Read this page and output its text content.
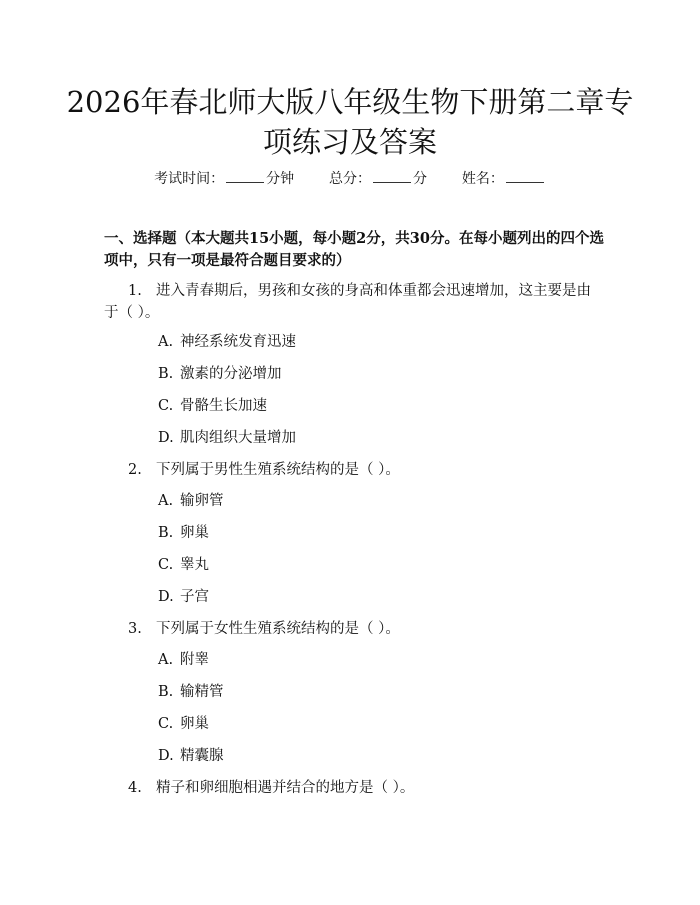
2026年春北师大版八年级生物下册第二章专项练习及答案
考试时间：	分钟 总分：	分 姓名：
一、选择题（本大题共15小题，每小题2分，共30分。在每小题列出的四个选项中，只有一项是最符合题目要求的）
1. 进入青春期后，男孩和女孩的身高和体重都会迅速增加，这主要是由于（ ）。
A. 神经系统发育迅速
B. 激素的分泌增加
C. 骨骼生长加速
D. 肌肉组织大量增加
2. 下列属于男性生殖系统结构的是（ ）。
A. 输卵管
B. 卵巢
C. 睾丸
D. 子宫
3. 下列属于女性生殖系统结构的是（ ）。
A. 附睾
B. 输精管
C. 卵巢
D. 精囊腺
4. 精子和卵细胞相遇并结合的地方是（ ）。
